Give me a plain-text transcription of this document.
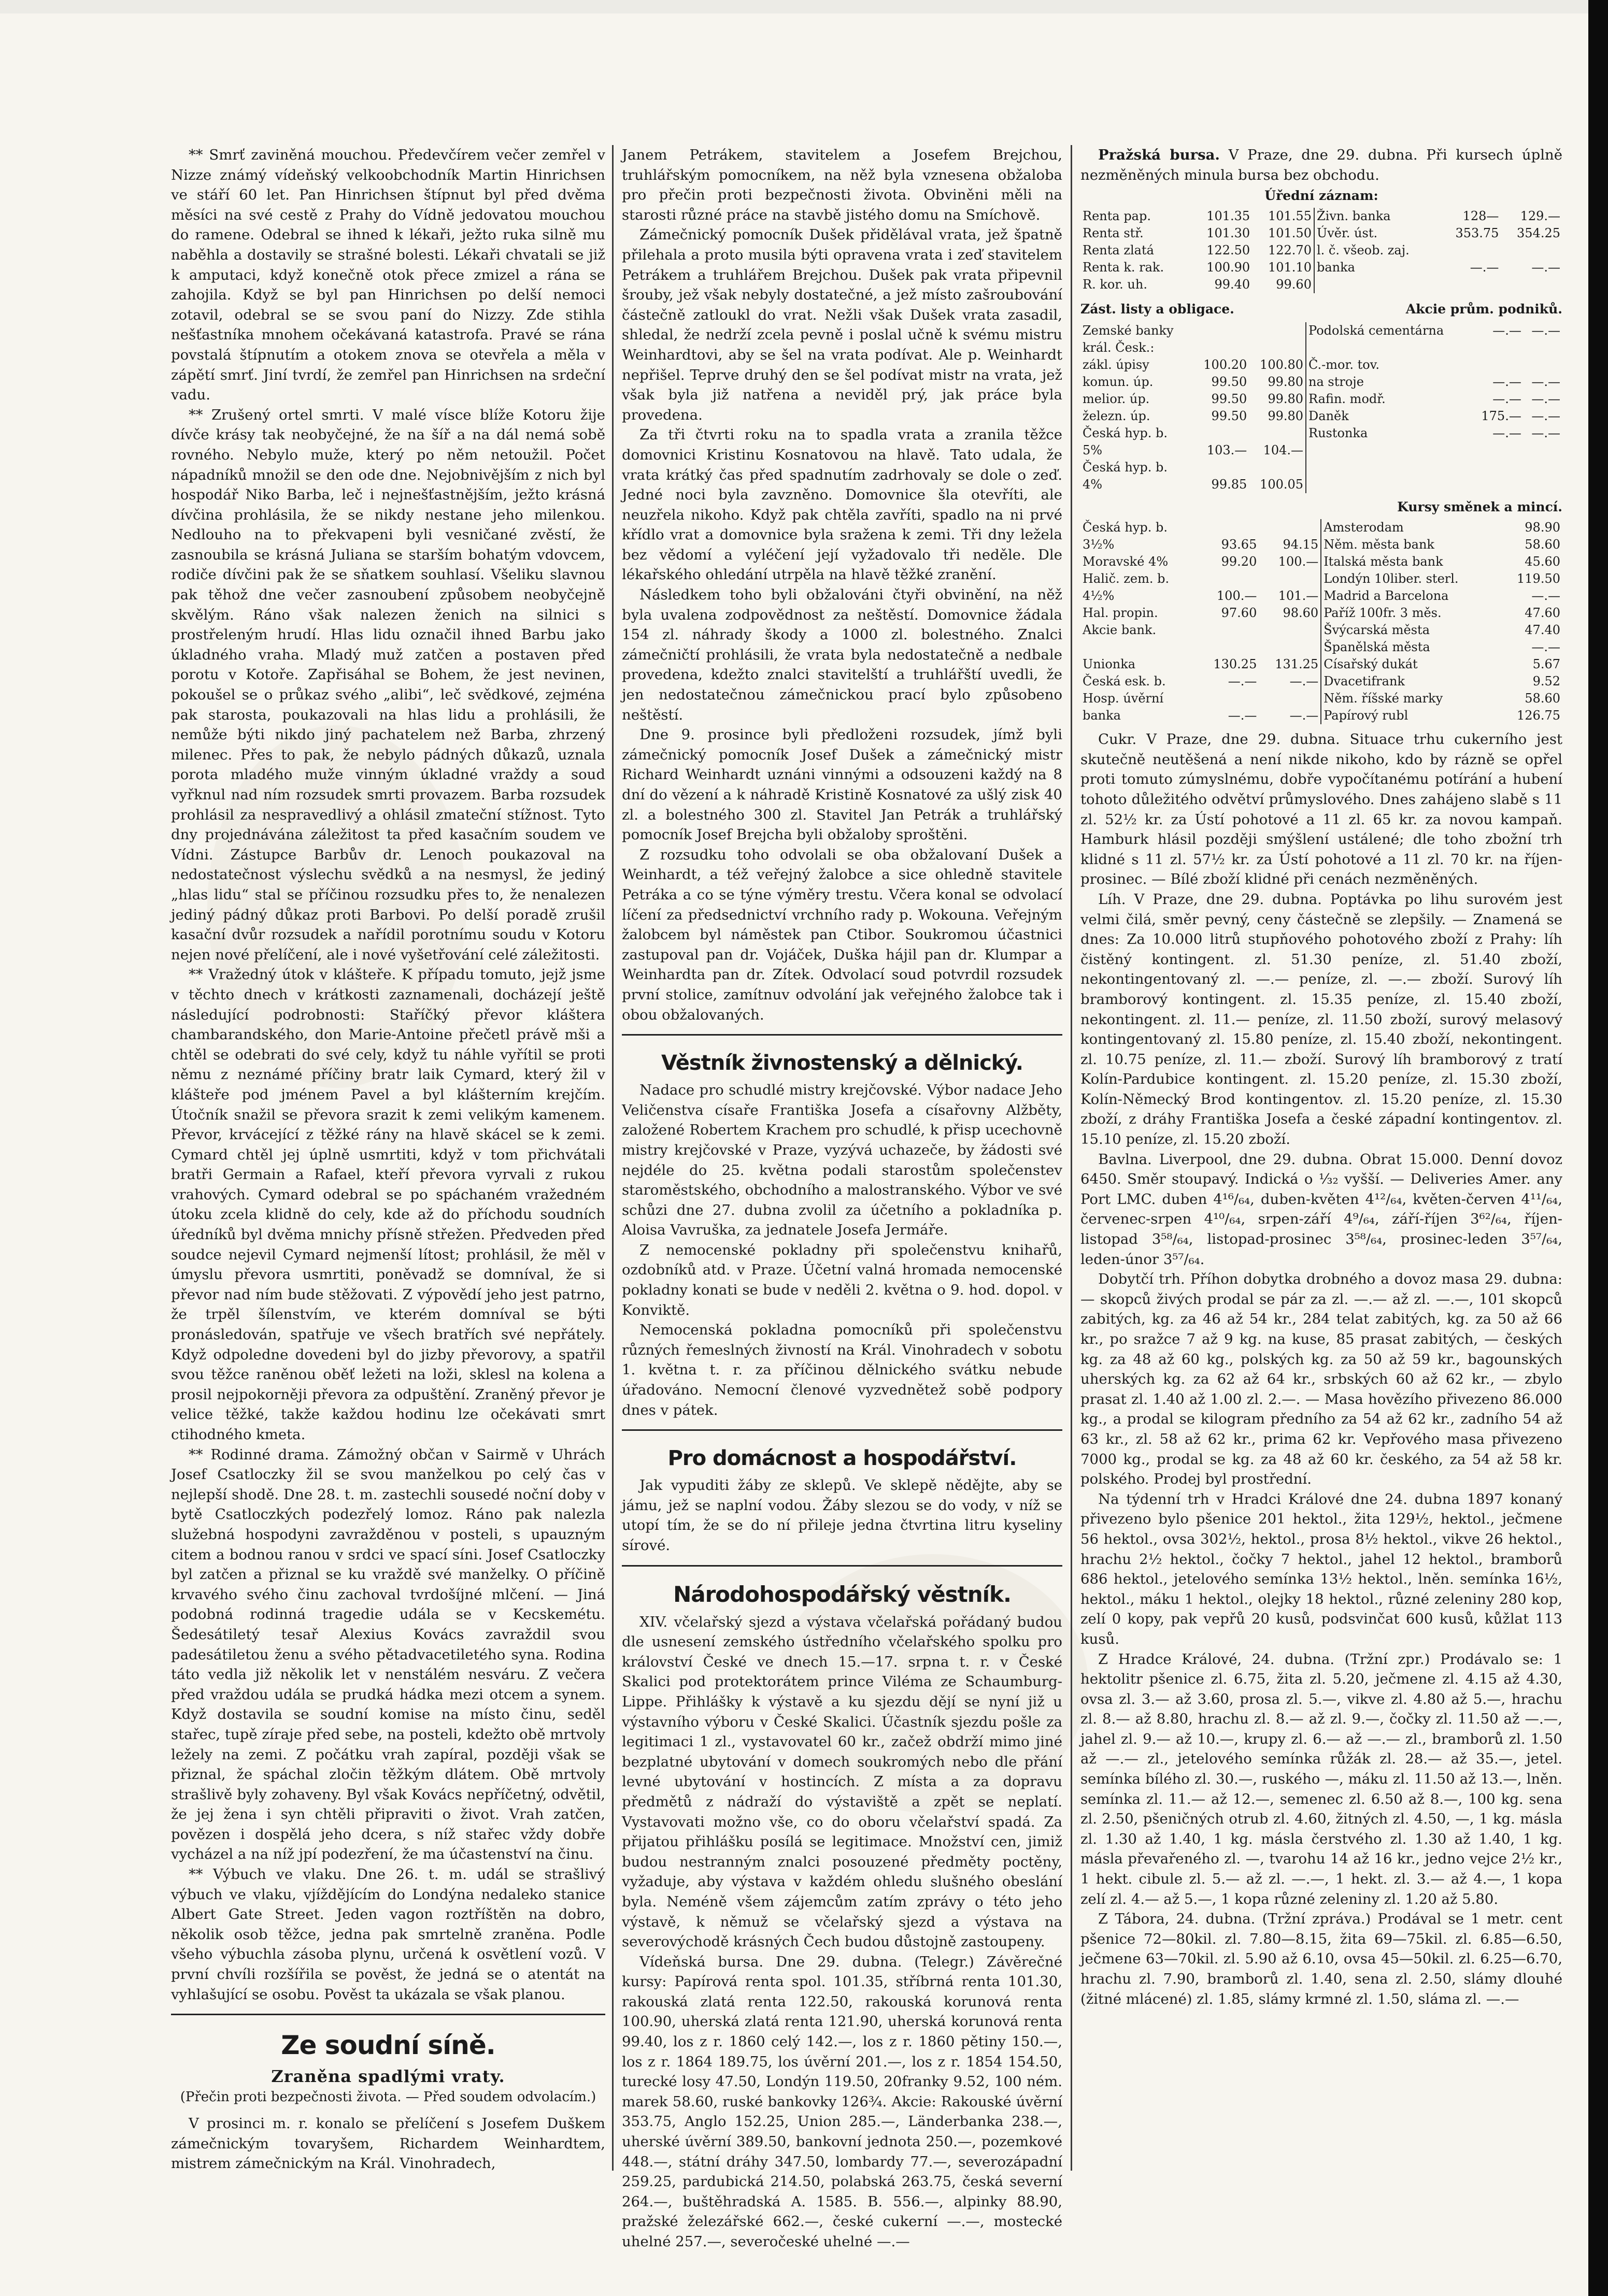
** Smrť zaviněná mouchou. Předevčírem večer zemřel v Nizze známý vídeňský velkoobchodník Martin Hinrichsen ve stáří 60 let. Pan Hinrichsen štípnut byl před dvěma měsíci na své cestě z Prahy do Vídně jedovatou mouchou do ramene. Odebral se ihned k lékaři, ježto ruka silně mu naběhla a dostavily se strašné bolesti. Lékaři chvatali se již k amputaci, když konečně otok přece zmizel a rána se zahojila. Když se byl pan Hinrichsen po delší nemoci zotavil, odebral se se svou paní do Nizzy. Zde stihla nešťastníka mnohem očekávaná katastrofa. Pravé se rána povstalá štípnutím a otokem znova se otevřela a měla v zápětí smrť. Jiní tvrdí, že zemřel pan Hinrichsen na srdeční vadu.

** Zrušený ortel smrti. V malé vísce blíže Kotoru žije dívče krásy tak neobyčejné, že na šíř a na dál nemá sobě rovného. Nebylo muže, který po něm netoužil. Počet nápadníků množil se den ode dne. Nejobnivějším z nich byl hospodář Niko Barba, leč i nejnešťastnějším, ježto krásná dívčina prohlásila, že se nikdy nestane jeho milenkou. Nedlouho na to překvapeni byli vesničané zvěstí, že zasnoubila se krásná Juliana se starším bohatým vdovcem, rodiče dívčini pak že se sňatkem souhlasí. Všeliku slavnou pak těhož dne večer zasnoubení způsobem neobyčejně skvělým. Ráno však nalezen ženich na silnici s prostřeleným hrudí. Hlas lidu označil ihned Barbu jako úkladného vraha. Mladý muž zatčen a postaven před porotu v Kotoře. Zapřisáhal se Bohem, že jest nevinen, pokoušel se o průkaz svého „alibi“, leč svědkové, zejména pak starosta, poukazovali na hlas lidu a prohlásili, že nemůže býti nikdo jiný pachatelem než Barba, zhrzený milenec. Přes to pak, že nebylo pádných důkazů, uznala porota mladého muže vinným úkladné vraždy a soud vyřknul nad ním rozsudek smrti provazem. Barba rozsudek prohlásil za nespravedlivý a ohlásil zmateční stížnost. Tyto dny projednávána záležitost ta před kasačním soudem ve Vídni. Zástupce Barbův dr. Lenoch poukazoval na nedostatečnost výslechu svědků a na nesmysl, že jediný „hlas lidu“ stal se příčinou rozsudku přes to, že nenalezen jediný pádný důkaz proti Barbovi. Po delší poradě zrušil kasační dvůr rozsudek a nařídil porotnímu soudu v Kotoru nejen nové přelíčení, ale i nové vyšetřování celé záležitosti.

** Vražedný útok v klášteře. K případu tomuto, jejž jsme v těchto dnech v krátkosti zaznamenali, docházejí ještě následující podrobnosti: Staříčký převor kláštera chambarandského, don Marie-Antoine přečetl právě mši a chtěl se odebrati do své cely, když tu náhle vyřítil se proti němu z neznámé příčiny bratr laik Cymard, který žil v klášteře pod jménem Pavel a byl klášterním krejčím. Útočník snažil se převora srazit k zemi velikým kamenem. Převor, krvácející z těžké rány na hlavě skácel se k zemi. Cymard chtěl jej úplně usmrtiti, když v tom přichvátali bratři Germain a Rafael, kteří převora vyrvali z rukou vrahových. Cymard odebral se po spáchaném vražedném útoku zcela klidně do cely, kde až do příchodu soudních úředníků byl dvěma mnichy přísně střežen. Předveden před soudce nejevil Cymard nejmenší lítost; prohlásil, že měl v úmyslu převora usmrtiti, poněvadž se domníval, že si převor nad ním bude stěžovati. Z výpovědí jeho jest patrno, že trpěl šílenstvím, ve kterém domníval se býti pronásledován, spatřuje ve všech bratřích své nepřátely. Když odpoledne dovedeni byl do jizby převorovy, a spatřil svou těžce raněnou oběť ležeti na loži, sklesl na kolena a prosil nejpokorněji převora za odpuštění. Zraněný převor je velice těžké, takže každou hodinu lze očekávati smrt ctihodného kmeta.

** Rodinné drama. Zámožný občan v Sairmě v Uhrách Josef Csatloczky žil se svou manželkou po celý čas v nejlepší shodě. Dne 28. t. m. zastechli sousedé noční doby v bytě Csatloczkých podezřelý lomoz. Ráno pak nalezla služebná hospodyni zavražděnou v posteli, s upauzným citem a bodnou ranou v srdci ve spací síni. Josef Csatloczky byl zatčen a přiznal se ku vraždě své manželky. O příčině krvavého svého činu zachoval tvrdošíjné mlčení. — Jiná podobná rodinná tragedie udála se v Kecskemétu. Šedesátiletý tesař Alexius Kovács zavraždil svou padesátiletou ženu a svého pětadvacetiletého syna. Rodina táto vedla již několik let v nenstálém nesváru. Z večera před vraždou udála se prudká hádka mezi otcem a synem. Když dostavila se soudní komise na místo činu, seděl stařec, tupě zíraje před sebe, na posteli, kdežto obě mrtvoly ležely na zemi. Z počátku vrah zapíral, později však se přiznal, že spáchal zločin těžkým dlátem. Obě mrtvoly strašlivě byly zohaveny. Byl však Kovács nepříčetný, odvětil, že jej žena i syn chtěli připraviti o život. Vrah zatčen, povězen i dospělá jeho dcera, s níž stařec vždy dobře vycházel a na níž jpí podezření, že ma účastenství na činu.

** Výbuch ve vlaku. Dne 26. t. m. udál se strašlivý výbuch ve vlaku, vjíždějícím do Londýna nedaleko stanice Albert Gate Street. Jeden vagon roztříštěn na dobro, několik osob těžce, jedna pak smrtelně zraněna. Podle všeho výbuchla zásoba plynu, určená k osvětlení vozů. V první chvíli rozšířila se pověst, že jedná se o atentát na vyhlašující se osobu. Pověst ta ukázala se však planou.

Ze soudní síně.
Zraněna spadlými vraty.
(Přečin proti bezpečnosti života. — Před soudem odvolacím.)

V prosinci m. r. konalo se přelíčení s Josefem Duškem zámečnickým tovaryšem, Richardem Weinhardtem, mistrem zámečnickým na Král. Vinohradech,

Janem Petrákem, stavitelem a Josefem Brejchou, truhlářským pomocníkem, na něž byla vznesena obžaloba pro přečin proti bezpečnosti života. Obviněni měli na starosti různé práce na stavbě jistého domu na Smíchově.

Zámečnický pomocník Dušek přidělával vrata, jež špatně přilehala a proto musila býti opravena vrata i zeď stavitelem Petrákem a truhlářem Brejchou. Dušek pak vrata připevnil šrouby, jež však nebyly dostatečné, a jež místo zašroubování částečně zatloukl do vrat. Nežli však Dušek vrata zasadil, shledal, že nedrží zcela pevně i poslal učně k svému mistru Weinhardtovi, aby se šel na vrata podívat. Ale p. Weinhardt nepřišel. Teprve druhý den se šel podívat mistr na vrata, jež však byla již natřena a neviděl prý, jak práce byla provedena.

Za tři čtvrti roku na to spadla vrata a zranila těžce domovnici Kristinu Kosnatovou na hlavě. Tato udala, že vrata krátký čas před spadnutím zadrhovaly se dole o zeď. Jedné noci byla zavzněno. Domovnice šla otevříti, ale neuzřela nikoho. Když pak chtěla zavříti, spadlo na ni prvé křídlo vrat a domovnice byla sražena k zemi. Tři dny ležela bez vědomí a vyléčení její vyžadovalo tři neděle. Dle lékařského ohledání utrpěla na hlavě těžké zranění.

Následkem toho byli obžalováni čtyři obvinění, na něž byla uvalena zodpovědnost za neštěstí. Domovnice žádala 154 zl. náhrady škody a 1000 zl. bolestného. Znalci zámečničtí prohlásili, že vrata byla nedostatečně a nedbale provedena, kdežto znalci stavitelští a truhlářští uvedli, že jen nedostatečnou zámečnickou prací bylo způsobeno neštěstí.

Dne 9. prosince byli předloženi rozsudek, jímž byli zámečnický pomocník Josef Dušek a zámečnický mistr Richard Weinhardt uznáni vinnými a odsouzeni každý na 8 dní do vězení a k náhradě Kristině Kosnatové za ušlý zisk 40 zl. a bolestného 300 zl. Stavitel Jan Petrák a truhlářský pomocník Josef Brejcha byli obžaloby sproštěni.

Z rozsudku toho odvolali se oba obžalovaní Dušek a Weinhardt, a též veřejný žalobce a sice ohledně stavitele Petráka a co se týne výměry trestu. Včera konal se odvolací líčení za předsednictví vrchního rady p. Wokouna. Veřejným žalobcem byl náměstek pan Ctibor. Soukromou účastnici zastupoval pan dr. Vojáček, Duška hájil pan dr. Klumpar a Weinhardta pan dr. Zítek. Odvolací soud potvrdil rozsudek první stolice, zamítnuv odvolání jak veřejného žalobce tak i obou obžalovaných.

Věstník živnostenský a dělnický.

Nadace pro schudlé mistry krejčovské. Výbor nadace Jeho Veličenstva císaře Františka Josefa a císařovny Alžběty, založené Robertem Krachem pro schudlé, k přisp ucechovně mistry krejčovské v Praze, vyzývá uchazeče, by žádosti své nejdéle do 25. května podali starostům společenstev staroměstského, obchodního a malostranského. Výbor ve své schůzi dne 27. dubna zvolil za účetního a pokladníka p. Aloisa Vavruška, za jednatele Josefa Jermáře.

Z nemocenské pokladny při společenstvu knihařů, ozdobníků atd. v Praze. Účetní valná hromada nemocenské pokladny konati se bude v neděli 2. května o 9. hod. dopol. v Konviktě.

Nemocenská pokladna pomocníků při společenstvu různých řemeslných živností na Král. Vinohradech v sobotu 1. května t. r. za příčinou dělnického svátku nebude úřadováno. Nemocní členové vyzvednětež sobě podpory dnes v pátek.

Pro domácnost a hospodářství.

Jak vypuditi žáby ze sklepů. Ve sklepě nědějte, aby se jámu, jež se naplní vodou. Žáby slezou se do vody, v níž se utopí tím, že se do ní přileje jedna čtvrtina litru kyseliny sírové.

Národohospodářský věstník.

XIV. včelařský sjezd a výstava včelařská pořádaný budou dle usnesení zemského ústředního včelařského spolku pro království České ve dnech 15.—17. srpna t. r. v České Skalici pod protektorátem prince Viléma ze Schaumburg-Lippe. Přihlášky k výstavě a ku sjezdu dějí se nyní již u výstavního výboru v České Skalici. Účastník sjezdu pošle za legitimaci 1 zl., vystavovatel 60 kr., začež obdrží mimo jiné bezplatné ubytování v domech soukromých nebo dle přání levné ubytování v hostincích. Z místa a za dopravu předmětů z nádraží do výstaviště a zpět se neplatí. Vystavovati možno vše, co do oboru včelařství spadá. Za přijatou přihlášku posílá se legitimace. Množství cen, jimiž budou nestranným znalci posouzené předměty poctěny, vyžaduje, aby výstava v každém ohledu slušného obeslání byla. Neméně všem zájemcům zatím zprávy o této jeho výstavě, k němuž se včelařský sjezd a výstava na severovýchodě krásných Čech budou důstojně zastoupeny.

Vídeňská bursa. Dne 29. dubna. (Telegr.) Závěrečné kursy: Papírová renta spol. 101.35, stříbrná renta 101.30, rakouská zlatá renta 122.50, rakouská korunová renta 100.90, uherská zlatá renta 121.90, uherská korunová renta 99.40, los z r. 1860 celý 142.—, los z r. 1860 pětiny 150.—, los z r. 1864 189.75, los úvěrní 201.—, los z r. 1854 154.50, turecké losy 47.50, Londýn 119.50, 20franky 9.52, 100 ném. marek 58.60, ruské bankovky 126¾. Akcie: Rakouské úvěrní 353.75, Anglo 152.25, Union 285.—, Länderbanka 238.—, uherské úvěrní 389.50, bankovní jednota 250.—, pozemkové 448.—, státní dráhy 347.50, lombardy 77.—, severozápadní 259.25, pardubická 214.50, polabská 263.75, česká severní 264.—, buštěhradská A. 1585. B. 556.—, alpinky 88.90, pražské železářské 662.—, české cukerní —.—, mostecké uhelné 257.—, severočeské uhelné —.—

Pražská bursa. V Praze, dne 29. dubna. Při kursech úplně nezměněných minula bursa bez obchodu.

Úřední záznam:
Renta pap.	101.35	101.55	Živn. banka	128—	129.—
Renta stř.	101.30	101.50	Úvěr. úst.	353.75	354.25
Renta zlatá	122.50	122.70	l. č. všeob. zaj.		
Renta k. rak.	100.90	101.10	banka	—.—	—.—
R. kor. uh.	99.40	99.60			
Zást. listy a obligace.	Akcie prům. podniků.
Zemské banky			Podolská cementárna	—.—	—.—
král. Česk.:					
zákl. úpisy	100.20	100.80	Č.-mor. tov.		
komun. úp.	99.50	99.80	na stroje	—.—	—.—
melior. úp.	99.50	99.80	Rafin. modř.	—.—	—.—
železn. úp.	99.50	99.80	Daněk	175.—	—.—
Česká hyp. b.			Rustonka	—.—	—.—
5%	103.—	104.—			
Česká hyp. b.					
4%	99.85	100.05			
Kursy směnek a mincí.
Česká hyp. b.			Amsterodam	98.90
3½%	93.65	94.15	Něm. města bank	58.60
Moravské 4%	99.20	100.—	Italská města bank	45.60
Halič. zem. b.			Londýn 10liber. sterl.	119.50
4½%	100.—	101.—	Madrid a Barcelona	—.—
Hal. propin.	97.60	98.60	Paříž 100fr. 3 měs.	47.60
Akcie bank.			Švýcarská města	47.40
			Španělská města	—.—
Unionka	130.25	131.25	Císařský dukát	5.67
Česká esk. b.	—.—	—.—	Dvacetifrank	9.52
Hosp. úvěrní			Něm. říšské marky	58.60
banka	—.—	—.—	Papírový rubl	126.75

Cukr. V Praze, dne 29. dubna. Situace trhu cukerního jest skutečně neutěšená a není nikde nikoho, kdo by rázně se opřel proti tomuto zúmyslnému, dobře vypočítanému potírání a hubení tohoto důležitého odvětví průmyslového. Dnes zahájeno slabě s 11 zl. 52½ kr. za Ústí pohotové a 11 zl. 65 kr. za novou kampaň. Hamburk hlásil později smýšlení ustálené; dle toho zbožní trh klidné s 11 zl. 57½ kr. za Ústí pohotové a 11 zl. 70 kr. na říjen-prosinec. — Bílé zboží klidné při cenách nezměněných.

Líh. V Praze, dne 29. dubna. Poptávka po lihu surovém jest velmi čilá, směr pevný, ceny částečně se zlepšily. — Znamená se dnes: Za 10.000 litrů stupňového pohotového zboží z Prahy: líh čistěný kontingent. zl. 51.30 peníze, zl. 51.40 zboží, nekontingentovaný zl. —.— peníze, zl. —.— zboží. Surový líh bramborový kontingent. zl. 15.35 peníze, zl. 15.40 zboží, nekontingent. zl. 11.— peníze, zl. 11.50 zboží, surový melasový kontingentovaný zl. 15.80 peníze, zl. 15.40 zboží, nekontingent. zl. 10.75 peníze, zl. 11.— zboží. Surový líh bramborový z tratí Kolín-Pardubice kontingent. zl. 15.20 peníze, zl. 15.30 zboží, Kolín-Německý Brod kontingentov. zl. 15.20 peníze, zl. 15.30 zboží, z dráhy Františka Josefa a české západní kontingentov. zl. 15.10 peníze, zl. 15.20 zboží.

Bavlna. Liverpool, dne 29. dubna. Obrat 15.000. Denní dovoz 6450. Směr stoupavý. Indická o ⅓₂ vyšší. — Deliveries Amer. any Port LMC. duben 4¹⁶/₆₄, duben-květen 4¹²/₆₄, květen-červen 4¹¹/₆₄, červenec-srpen 4¹⁰/₆₄, srpen-září 4⁹/₆₄, září-říjen 3⁶²/₆₄, říjen-listopad 3⁵⁸/₆₄, listopad-prosinec 3⁵⁸/₆₄, prosinec-leden 3⁵⁷/₆₄, leden-únor 3⁵⁷/₆₄.

Dobytčí trh. Příhon dobytka drobného a dovoz masa 29. dubna: — skopců živých prodal se pár za zl. —.— až zl. —.—, 101 skopců zabitých, kg. za 46 až 54 kr., 284 telat zabitých, kg. za 50 až 66 kr., po sražce 7 až 9 kg. na kuse, 85 prasat zabitých, — českých kg. za 48 až 60 kg., polských kg. za 50 až 59 kr., bagounských uherských kg. za 62 až 64 kr., srbských 60 až 62 kr., — zbylo prasat zl. 1.40 až 1.00 zl. 2.—. — Masa hovězího přivezeno 86.000 kg., a prodal se kilogram předního za 54 až 62 kr., zadního 54 až 63 kr., zl. 58 až 62 kr., prima 62 kr. Vepřového masa přivezeno 7000 kg., prodal se kg. za 48 až 60 kr. českého, za 54 až 58 kr. polského. Prodej byl prostřední.

Na týdenní trh v Hradci Králové dne 24. dubna 1897 konaný přivezeno bylo pšenice 201 hektol., žita 129½, hektol., ječmene 56 hektol., ovsa 302½, hektol., prosa 8½ hektol., vikve 26 hektol., hrachu 2½ hektol., čočky 7 hektol., jahel 12 hektol., bramborů 686 hektol., jetelového semínka 13½ hektol., lněn. semínka 16½, hektol., máku 1 hektol., olejky 18 hektol., různé zeleniny 280 kop, zelí 0 kopy, pak vepřů 20 kusů, podsvinčat 600 kusů, kůžlat 113 kusů.

Z Hradce Králové, 24. dubna. (Tržní zpr.) Prodávalo se: 1 hektolitr pšenice zl. 6.75, žita zl. 5.20, ječmene zl. 4.15 až 4.30, ovsa zl. 3.— až 3.60, prosa zl. 5.—, vikve zl. 4.80 až 5.—, hrachu zl. 8.— až 8.80, hrachu zl. 8.— až zl. 9.—, čočky zl. 11.50 až —.—, jahel zl. 9.— až 10.—, krupy zl. 6.— až —.— zl., bramborů zl. 1.50 až —.— zl., jetelového semínka růžák zl. 28.— až 35.—, jetel. semínka bílého zl. 30.—, ruského —, máku zl. 11.50 až 13.—, lněn. semínka zl. 11.— až 12.—, semenec zl. 6.50 až 8.—, 100 kg. sena zl. 2.50, pšeničných otrub zl. 4.60, žitných zl. 4.50, —, 1 kg. másla zl. 1.30 až 1.40, 1 kg. másla čerstvého zl. 1.30 až 1.40, 1 kg. másla převařeného zl. —, tvarohu 14 až 16 kr., jedno vejce 2½ kr., 1 hekt. cibule zl. 5.— až zl. —.—, 1 hekt. zl. 3.— až 4.—, 1 kopa zelí zl. 4.— až 5.—, 1 kopa různé zeleniny zl. 1.20 až 5.80.

Z Tábora, 24. dubna. (Tržní zpráva.) Prodával se 1 metr. cent pšenice 72—80kil. zl. 7.80—8.15, žita 69—75kil. zl. 6.85—6.50, ječmene 63—70kil. zl. 5.90 až 6.10, ovsa 45—50kil. zl. 6.25—6.70, hrachu zl. 7.90, bramborů zl. 1.40, sena zl. 2.50, slámy dlouhé (žitné mlácené) zl. 1.85, slámy krmné zl. 1.50, sláma zl. —.—
